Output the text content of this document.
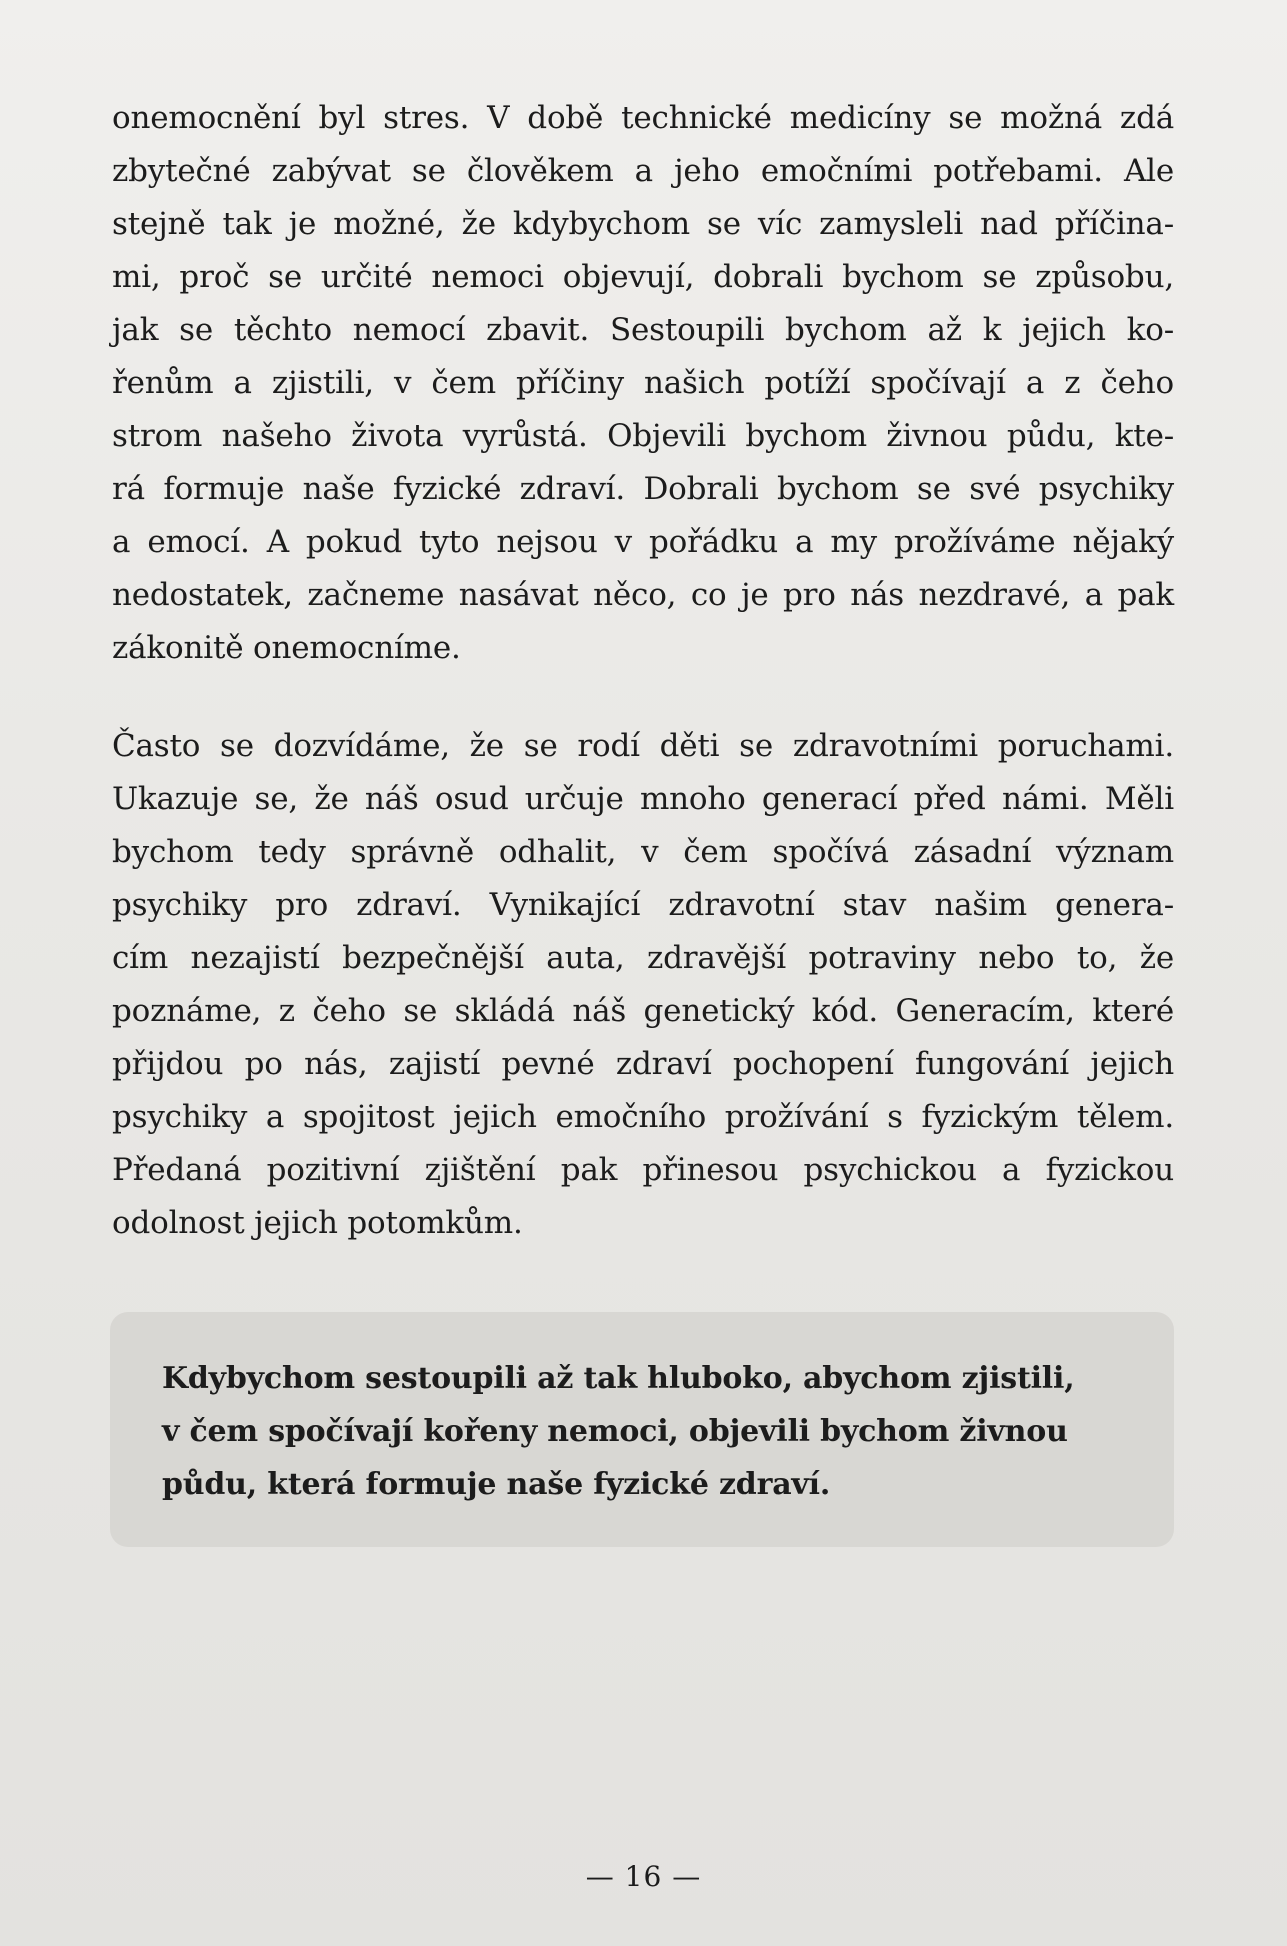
onemocnění byl stres. V době technické medicíny se možná zdá
zbytečné zabývat se člověkem a jeho emočními potřebami. Ale
stejně tak je možné, že kdybychom se víc zamysleli nad příčina-
mi, proč se určité nemoci objevují, dobrali bychom se způsobu,
jak se těchto nemocí zbavit. Sestoupili bychom až k jejich ko-
řenům a zjistili, v čem příčiny našich potíží spočívají a z čeho
strom našeho života vyrůstá. Objevili bychom živnou půdu, kte-
rá formuje naše fyzické zdraví. Dobrali bychom se své psychiky
a emocí. A pokud tyto nejsou v pořádku a my prožíváme nějaký
nedostatek, začneme nasávat něco, co je pro nás nezdravé, a pak
zákonitě onemocníme.
Často se dozvídáme, že se rodí děti se zdravotními poruchami.
Ukazuje se, že náš osud určuje mnoho generací před námi. Měli
bychom tedy správně odhalit, v čem spočívá zásadní význam
psychiky pro zdraví. Vynikající zdravotní stav našim genera-
cím nezajistí bezpečnější auta, zdravější potraviny nebo to, že
poznáme, z čeho se skládá náš genetický kód. Generacím, které
přijdou po nás, zajistí pevné zdraví pochopení fungování jejich
psychiky a spojitost jejich emočního prožívání s fyzickým tělem.
Předaná pozitivní zjištění pak přinesou psychickou a fyzickou
odolnost jejich potomkům.
Kdybychom sestoupili až tak hluboko, abychom zjistili,
v čem spočívají kořeny nemoci, objevili bychom živnou
půdu, která formuje naše fyzické zdraví.
— 16 —
